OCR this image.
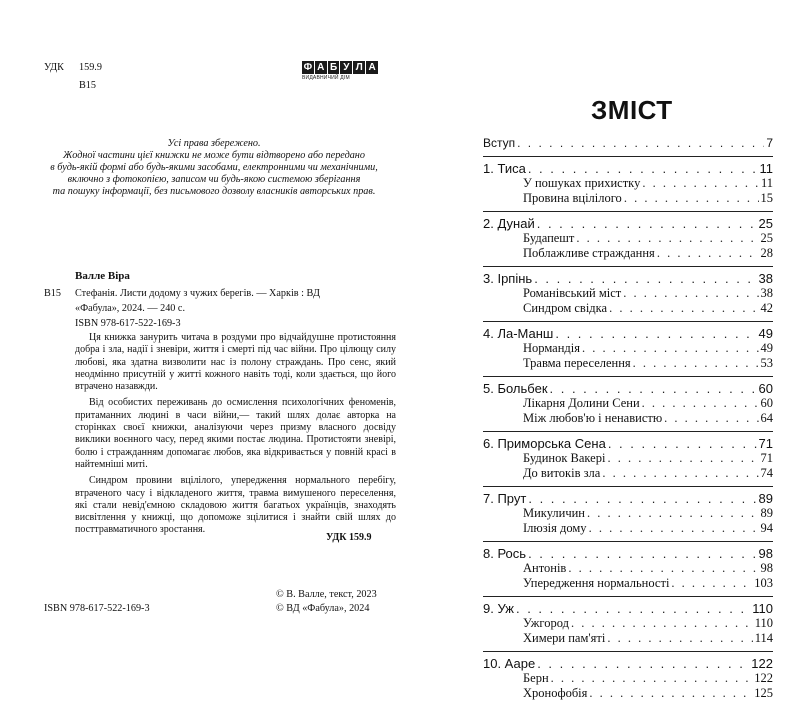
УДК 159.9
В15
Ф А Б У Л А
ВИДАВНИЧИЙ ДІМ
Усі права збережено.
Жодної частини цієї книжки не може бути відтворено або передано
в будь-якій формі або будь-якими засобами, електронними чи механічними,
включно з фотокопією, записом чи будь-якою системою зберігання
та пошуку інформації, без письмового дозволу власників авторських прав.
Валле Віра
В15 Стефанія. Листи додому з чужих берегів. — Харків : ВД
«Фабула», 2024. — 240 с.
ISBN 978-617-522-169-3

Ця книжка занурить читача в роздуми про відчайдушне протистояння добра і зла, надії і зневіри, життя і смерті під час війни. Про цілющу силу любові, яка здатна визволити нас із полону страждань. Про сенс, який неодмінно присутній у житті кожного навіть тоді, коли здається, що його втрачено назавжди.

Від особистих переживань до осмислення психологічних феноменів, притаманних людині в часи війни,— такий шлях долає авторка на сторінках своєї книжки, аналізуючи через призму власного досвіду виклики воєнного часу, перед якими постає людина. Протистояти зневірі, болю і стражданням допомагає любов, яка відкривається у повній красі в найтемніші миті.

Синдром провини вцілілого, упередження нормального перебігу, втраченого часу і відкладеного життя, травма вимушеного переселення, які стали невід'ємною складовою життя багатьох українців, знаходять висвітлення у книжці, що допоможе зцілитися і знайти свій шлях до посттравматичного зростання.

УДК 159.9
© В. Валле, текст, 2023
© ВД «Фабула», 2024
ISBN 978-617-522-169-3
ЗМІСТ
Вступ . . .	7
1. Тиса . . .	11
У пошуках прихистку . . .	11
Провина вцілілого . . .	15
2. Дунай . . .	25
Будапешт . . .	25
Поблажливе страждання . . .	28
3. Ірпінь . . .	38
Романівський міст . . .	38
Синдром свідка . . .	42
4. Ла-Манш . . .	49
Нормандія . . .	49
Травма переселення . . .	53
5. Больбек . . .	60
Лікарня Долини Сени . . .	60
Між любов'ю і ненавистю . . .	64
6. Приморська Сена . . .	71
Будинок Вакері . . .	71
До витоків зла . . .	74
7. Прут . . .	89
Микуличин . . .	89
Ілюзія дому . . .	94
8. Рось . . .	98
Антонів . . .	98
Упередження нормальності . . .	103
9. Уж . . .	110
Ужгород . . .	110
Химери пам'яті . . .	114
10. Ааре . . .	122
Берн . . .	122
Хронофобія . . .	125
